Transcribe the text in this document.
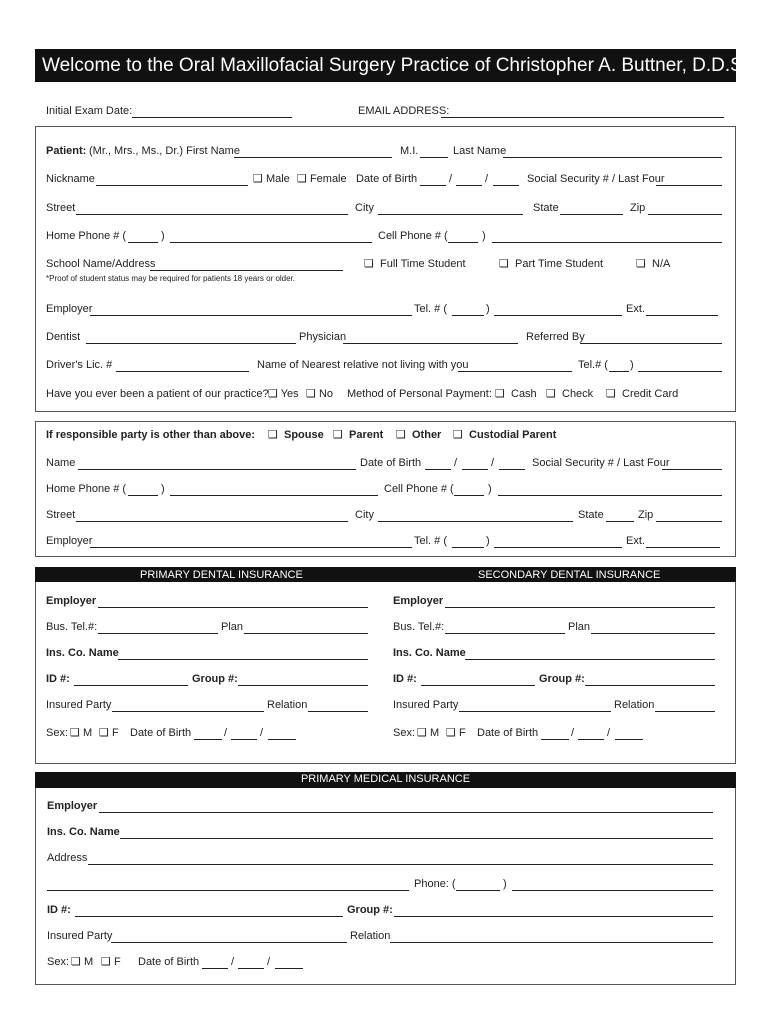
Welcome to the Oral Maxillofacial Surgery Practice of Christopher A. Buttner, D.D.S.
Initial Exam Date:	EMAIL ADDRESS:
Patient: (Mr., Mrs., Ms., Dr.) First Name	M.I.	Last Name
Nickname	❑ Male ❑ Female Date of Birth	/	/	Social Security # / Last Four
Street	City	State	Zip
Home Phone # (	)	Cell Phone # (	)
School Name/Address	❑ Full Time Student	❑ Part Time Student	❑ N/A
*Proof of student status may be required for patients 18 years or older.
Employer	Tel. # (	)	Ext.
Dentist	Physician	Referred By
Driver's Lic. #	Name of Nearest relative not living with you	Tel.# ( )
Have you ever been a patient of our practice? ❑ Yes ❑ No Method of Personal Payment: ❑ Cash ❑ Check ❑ Credit Card
If responsible party is other than above: ❑ Spouse ❑ Parent ❑ Other ❑ Custodial Parent
Name	Date of Birth	/	/	Social Security # / Last Four
Home Phone # (	)	Cell Phone # (	)
Street	City	State	Zip
Employer	Tel. # (	)	Ext.
PRIMARY DENTAL INSURANCE	SECONDARY DENTAL INSURANCE
Employer
Bus. Tel.#:	Plan
Ins. Co. Name
ID #:	Group #:
Insured Party	Relation
Sex: ❑ M ❑ F Date of Birth	/	/
Employer
Bus. Tel.#:	Plan
Ins. Co. Name
ID #:	Group #:
Insured Party	Relation
Sex: ❑ M ❑ F Date of Birth	/	/
PRIMARY MEDICAL INSURANCE
Employer
Ins. Co. Name
Address
Phone: (	)
ID #:	Group #:
Insured Party	Relation
Sex: ❑ M ❑ F Date of Birth	/	/
